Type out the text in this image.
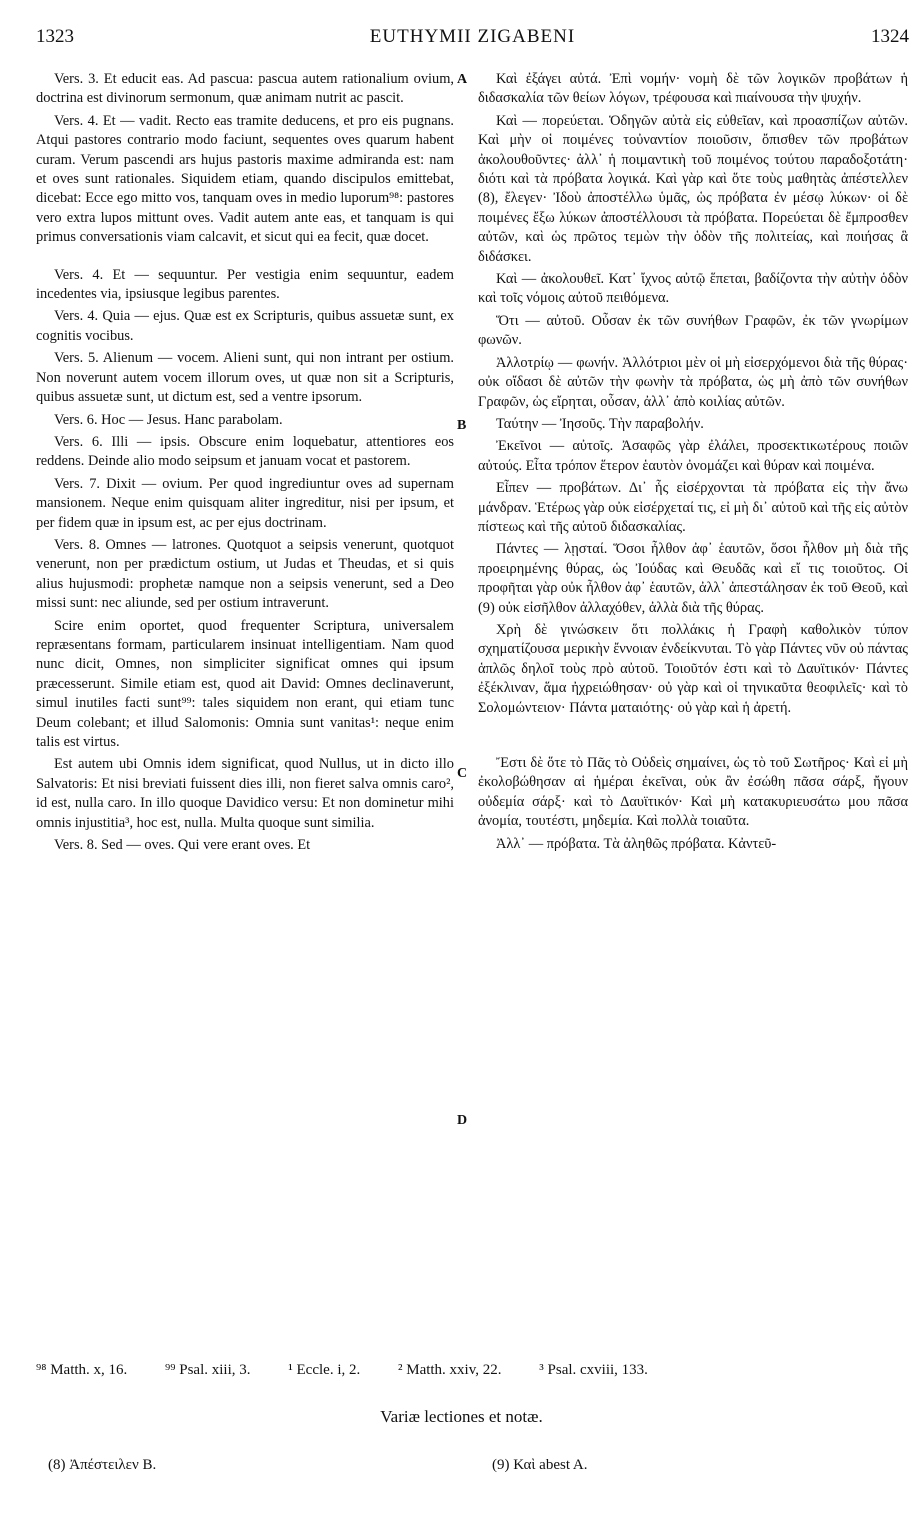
1323	EUTHYMII ZIGABENI	1324
A
B
C
D

Vers. 3. Et educit eas. Ad pascua: pascua autem rationalium ovium, doctrina est divinorum sermonum, quæ animam nutrit ac pascit.

Vers. 4. Et — vadit. Recto eas tramite deducens, et pro eis pugnans. Atqui pastores contrario modo faciunt, sequentes oves quarum habent curam. Verum pascendi ars hujus pastoris maxime admiranda est: nam et oves sunt rationales. Siquidem etiam, quando discipulos emittebat, dicebat: Ecce ego mitto vos, tanquam oves in medio luporum⁹⁸: pastores vero extra lupos mittunt oves. Vadit autem ante eas, et tanquam is qui primus conversationis viam calcavit, et sicut qui ea fecit, quæ docet.

Vers. 4. Et — sequuntur. Per vestigia enim sequuntur, eadem incedentes via, ipsiusque legibus parentes.

Vers. 4. Quia — ejus. Quæ est ex Scripturis, quibus assuetæ sunt, ex cognitis vocibus.

Vers. 5. Alienum — vocem. Alieni sunt, qui non intrant per ostium. Non noverunt autem vocem illorum oves, ut quæ non sit a Scripturis, quibus assuetæ sunt, ut dictum est, sed a ventre ipsorum.

Vers. 6. Hoc — Jesus. Hanc parabolam.

Vers. 6. Illi — ipsis. Obscure enim loquebatur, attentiores eos reddens. Deinde alio modo seipsum et januam vocat et pastorem.

Vers. 7. Dixit — ovium. Per quod ingrediuntur oves ad supernam mansionem. Neque enim quisquam aliter ingreditur, nisi per ipsum, et per fidem quæ in ipsum est, ac per ejus doctrinam.

Vers. 8. Omnes — latrones. Quotquot a seipsis venerunt, quotquot venerunt, non per prædictum ostium, ut Judas et Theudas, et si quis alius hujusmodi: prophetæ namque non a seipsis venerunt, sed a Deo missi sunt: nec aliunde, sed per ostium intraverunt.

Scire enim oportet, quod frequenter Scriptura, universalem repræsentans formam, particularem insinuat intelligentiam. Nam quod nunc dicit, Omnes, non simpliciter significat omnes qui ipsum præcesserunt. Simile etiam est, quod ait David: Omnes declinaverunt, simul inutiles facti sunt⁹⁹: tales siquidem non erant, qui etiam tunc Deum colebant; et illud Salomonis: Omnia sunt vanitas¹: neque enim talis est virtus.

Est autem ubi Omnis idem significat, quod Nullus, ut in dicto illo Salvatoris: Et nisi breviati fuissent dies illi, non fieret salva omnis caro², id est, nulla caro. In illo quoque Davidico versu: Et non dominetur mihi omnis injustitia³, hoc est, nulla. Multa quoque sunt similia.

Vers. 8. Sed — oves. Qui vere erant oves. Et

Καὶ ἐξάγει αὐτά. Ἐπὶ νομήν· νομὴ δὲ τῶν λογικῶν προβάτων ἡ διδασκαλία τῶν θείων λόγων, τρέφουσα καὶ πιαίνουσα τὴν ψυχήν.

Καὶ — πορεύεται. Ὁδηγῶν αὐτὰ εἰς εὐθεῖαν, καὶ προασπίζων αὐτῶν. Καὶ μὴν οἱ ποιμένες τοὐναντίον ποιοῦσιν, ὄπισθεν τῶν προβάτων ἀκολουθοῦντες· ἀλλ᾽ ἡ ποιμαντικὴ τοῦ ποιμένος τούτου παραδοξοτάτη· διότι καὶ τὰ πρόβατα λογικά. Καὶ γὰρ καὶ ὅτε τοὺς μαθητὰς ἀπέστελλεν (8), ἔλεγεν· Ἰδοὺ ἀποστέλλω ὑμᾶς, ὡς πρόβατα ἐν μέσῳ λύκων· οἱ δὲ ποιμένες ἔξω λύκων ἀποστέλλουσι τὰ πρόβατα. Πορεύεται δὲ ἔμπροσθεν αὐτῶν, καὶ ὡς πρῶτος τεμὼν τὴν ὁδὸν τῆς πολιτείας, καὶ ποιήσας ἃ διδάσκει.

Καὶ — ἀκολουθεῖ. Κατ᾽ ἴχνος αὐτῷ ἕπεται, βαδίζοντα τὴν αὐτὴν ὁδὸν καὶ τοῖς νόμοις αὐτοῦ πειθόμενα.

Ὅτι — αὐτοῦ. Οὖσαν ἐκ τῶν συνήθων Γραφῶν, ἐκ τῶν γνωρίμων φωνῶν.

Ἀλλοτρίῳ — φωνήν. Ἀλλότριοι μὲν οἱ μὴ εἰσερχόμενοι διὰ τῆς θύρας· οὐκ οἴδασι δὲ αὐτῶν τὴν φωνὴν τὰ πρόβατα, ὡς μὴ ἀπὸ τῶν συνήθων Γραφῶν, ὡς εἴρηται, οὖσαν, ἀλλ᾽ ἀπὸ κοιλίας αὐτῶν.

Ταύτην — Ἰησοῦς. Τὴν παραβολήν.

Ἐκεῖνοι — αὐτοῖς. Ἀσαφῶς γὰρ ἐλάλει, προσεκτικωτέρους ποιῶν αὐτούς. Εἶτα τρόπον ἕτερον ἑαυτὸν ὀνομάζει καὶ θύραν καὶ ποιμένα.

Εἶπεν — προβάτων. Δι᾽ ἧς εἰσέρχονται τὰ πρόβατα εἰς τὴν ἄνω μάνδραν. Ἑτέρως γὰρ οὐκ εἰσέρχεταί τις, εἰ μὴ δι᾽ αὐτοῦ καὶ τῆς εἰς αὐτὸν πίστεως καὶ τῆς αὐτοῦ διδασκαλίας.

Πάντες — λῃσταί. Ὅσοι ἦλθον ἀφ᾽ ἑαυτῶν, ὅσοι ἦλθον μὴ διὰ τῆς προειρημένης θύρας, ὡς Ἰούδας καὶ Θευδᾶς καὶ εἴ τις τοιοῦτος. Οἱ προφῆται γὰρ οὐκ ἦλθον ἀφ᾽ ἑαυτῶν, ἀλλ᾽ ἀπεστάλησαν ἐκ τοῦ Θεοῦ, καὶ (9) οὐκ εἰσῆλθον ἀλλαχόθεν, ἀλλὰ διὰ τῆς θύρας.

Χρὴ δὲ γινώσκειν ὅτι πολλάκις ἡ Γραφὴ καθολικὸν τύπον σχηματίζουσα μερικὴν ἔννοιαν ἐνδείκνυται. Τὸ γὰρ Πάντες νῦν οὐ πάντας ἁπλῶς δηλοῖ τοὺς πρὸ αὐτοῦ. Τοιοῦτόν ἐστι καὶ τὸ Δαυϊτικόν· Πάντες ἐξέκλιναν, ἅμα ἠχρειώθησαν· οὐ γὰρ καὶ οἱ τηνικαῦτα θεοφιλεῖς· καὶ τὸ Σολομώντειον· Πάντα ματαιότης· οὐ γὰρ καὶ ἡ ἀρετή.

Ἔστι δὲ ὅτε τὸ Πᾶς τὸ Οὐδεὶς σημαίνει, ὡς τὸ τοῦ Σωτῆρος· Καὶ εἰ μὴ ἐκολοβώθησαν αἱ ἡμέραι ἐκεῖναι, οὐκ ἂν ἐσώθη πᾶσα σάρξ, ἤγουν οὐδεμία σάρξ· καὶ τὸ Δαυϊτικόν· Καὶ μὴ κατακυριευσάτω μου πᾶσα ἀνομία, τουτέστι, μηδεμία. Καὶ πολλὰ τοιαῦτα.

Ἀλλ᾽ — πρόβατα. Τὰ ἀληθῶς πρόβατα. Κἀντεῦ-

⁹⁸ Matth. x, 16.	⁹⁹ Psal. xiii, 3.	¹ Eccle. i, 2.	² Matth. xxiv, 22.	³ Psal. cxviii, 133.
Variæ lectiones et notæ.
(8) Ἀπέστειλεν B.	(9) Καὶ abest A.
